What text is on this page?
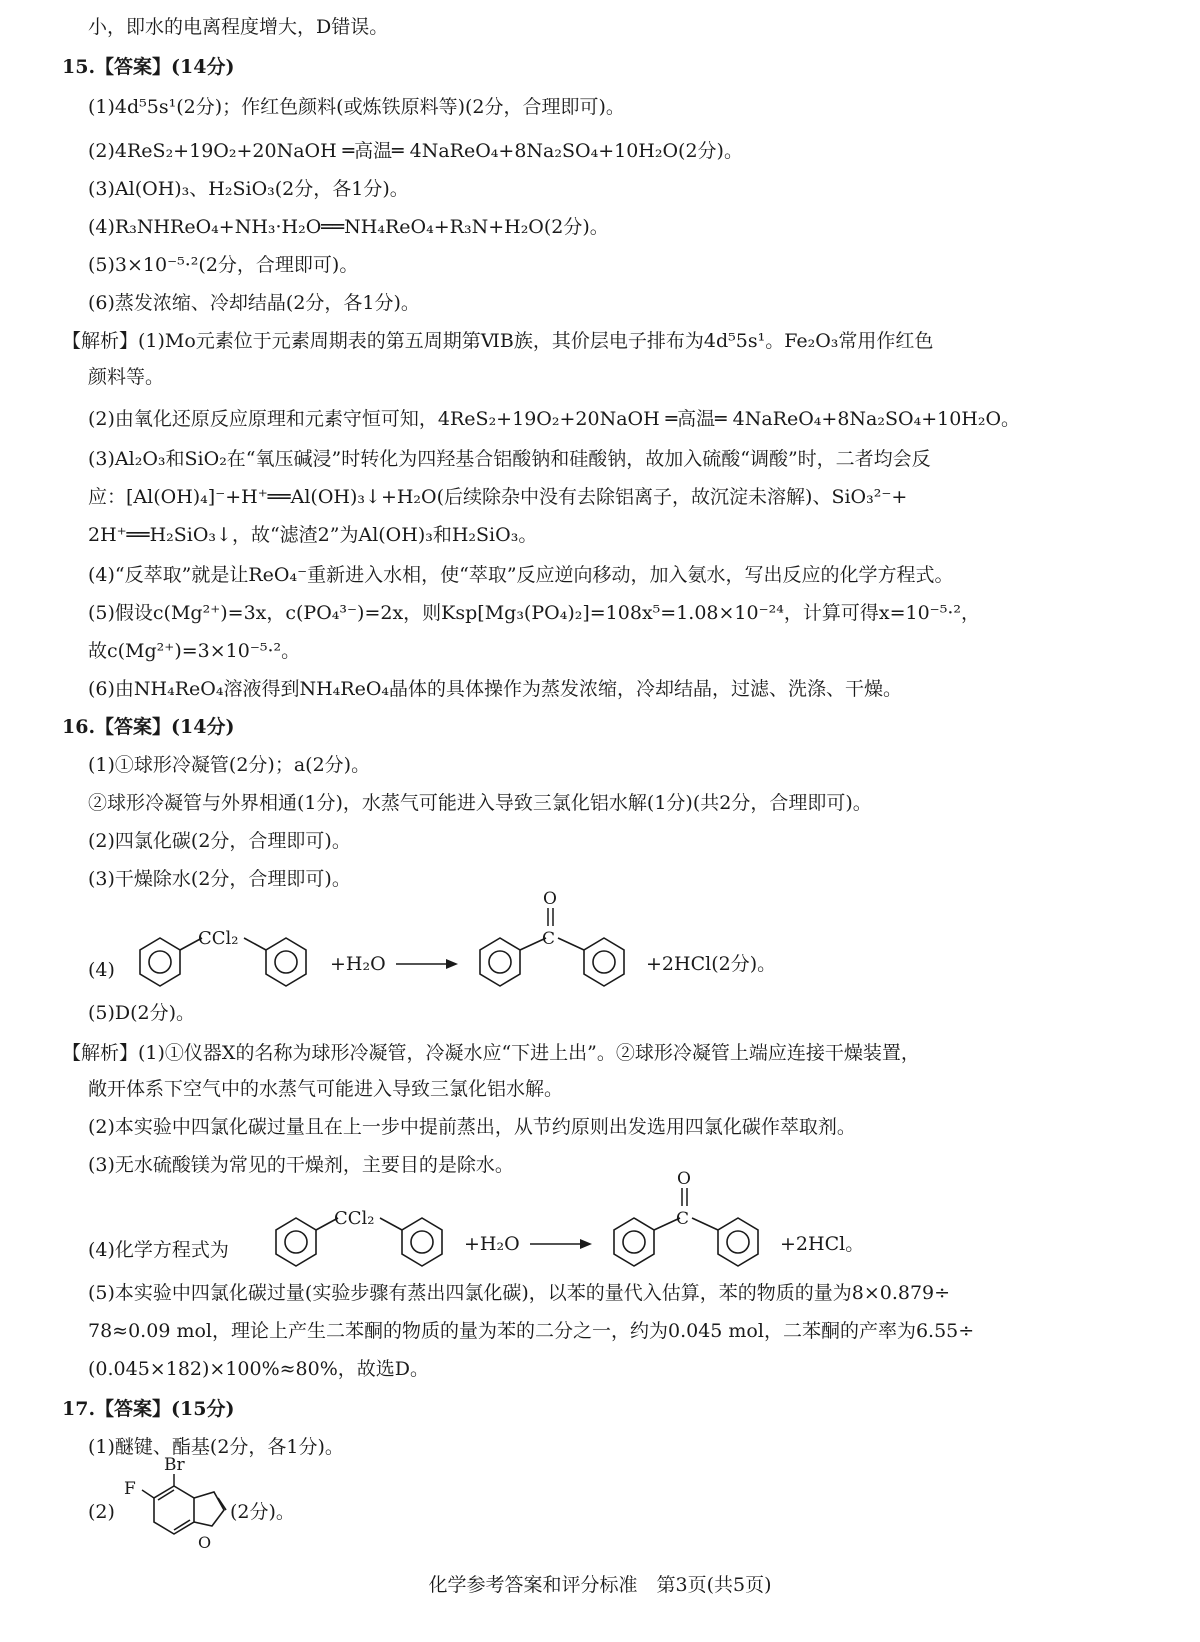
小，即水的电离程度增大，D错误。
15.【答案】(14分)
(1)4d⁵5s¹(2分)；作红色颜料(或炼铁原料等)(2分，合理即可)。
(2)4ReS₂+19O₂+20NaOH ═高温═ 4NaReO₄+8Na₂SO₄+10H₂O(2分)。
(3)Al(OH)₃、H₂SiO₃(2分，各1分)。
(4)R₃NHReO₄+NH₃·H₂O══NH₄ReO₄+R₃N+H₂O(2分)。
(5)3×10⁻⁵·²(2分，合理即可)。
(6)蒸发浓缩、冷却结晶(2分，各1分)。
【解析】(1)Mo元素位于元素周期表的第五周期第ⅥB族，其价层电子排布为4d⁵5s¹。Fe₂O₃常用作红色
颜料等。
(2)由氧化还原反应原理和元素守恒可知，4ReS₂+19O₂+20NaOH ═高温═ 4NaReO₄+8Na₂SO₄+10H₂O。
(3)Al₂O₃和SiO₂在“氧压碱浸”时转化为四羟基合铝酸钠和硅酸钠，故加入硫酸“调酸”时，二者均会反
应：[Al(OH)₄]⁻+H⁺══Al(OH)₃↓+H₂O(后续除杂中没有去除铝离子，故沉淀未溶解)、SiO₃²⁻+
2H⁺══H₂SiO₃↓，故“滤渣2”为Al(OH)₃和H₂SiO₃。
(4)“反萃取”就是让ReO₄⁻重新进入水相，使“萃取”反应逆向移动，加入氨水，写出反应的化学方程式。
(5)假设c(Mg²⁺)=3x，c(PO₄³⁻)=2x，则Ksp[Mg₃(PO₄)₂]=108x⁵=1.08×10⁻²⁴，计算可得x=10⁻⁵·²，
故c(Mg²⁺)=3×10⁻⁵·²。
(6)由NH₄ReO₄溶液得到NH₄ReO₄晶体的具体操作为蒸发浓缩，冷却结晶，过滤、洗涤、干燥。
16.【答案】(14分)
(1)①球形冷凝管(2分)；a(2分)。
②球形冷凝管与外界相通(1分)，水蒸气可能进入导致三氯化铝水解(1分)(共2分，合理即可)。
(2)四氯化碳(2分，合理即可)。
(3)干燥除水(2分，合理即可)。
(4)
CCl₂
+H₂O
C
O
+2HCl(2分)。
(5)D(2分)。
【解析】(1)①仪器X的名称为球形冷凝管，冷凝水应“下进上出”。②球形冷凝管上端应连接干燥装置，
敞开体系下空气中的水蒸气可能进入导致三氯化铝水解。
(2)本实验中四氯化碳过量且在上一步中提前蒸出，从节约原则出发选用四氯化碳作萃取剂。
(3)无水硫酸镁为常见的干燥剂，主要目的是除水。
(4)化学方程式为
CCl₂
+H₂O
C
O
+2HCl。
(5)本实验中四氯化碳过量(实验步骤有蒸出四氯化碳)，以苯的量代入估算，苯的物质的量为8×0.879÷
78≈0.09 mol，理论上产生二苯酮的物质的量为苯的二分之一，约为0.045 mol，二苯酮的产率为6.55÷
(0.045×182)×100%≈80%，故选D。
17.【答案】(15分)
(1)醚键、酯基(2分，各1分)。
(2)
Br
F
O
(2分)。
化学参考答案和评分标准　第3页(共5页)
